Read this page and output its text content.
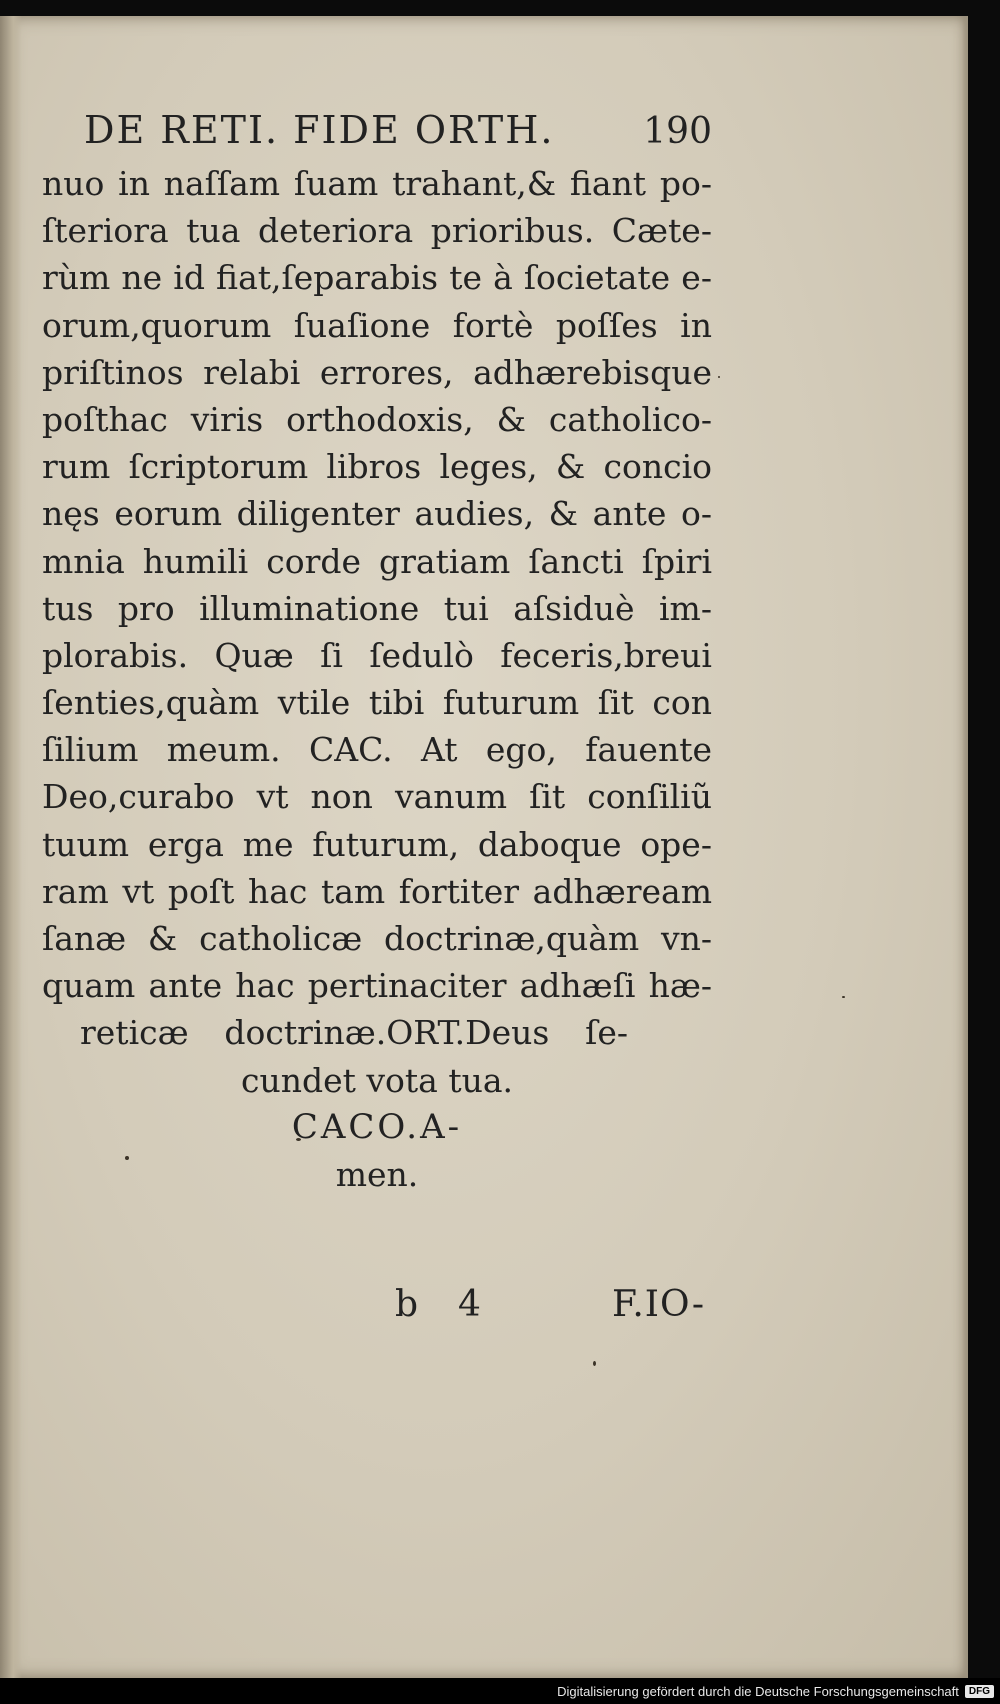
DE RETI. FIDE ORTH. 190
nuo in naſſam ſuam trahant,& fiant po-
ſteriora tua deteriora prioribus. Cæte-
rùm ne id fiat,ſeparabis te à ſocietate e-
orum,quorum ſuaſione fortè poſſes in
priſtinos relabi errores, adhærebisque
poſthac viris orthodoxis, & catholico-
rum ſcriptorum libros leges, & concio
nęs eorum diligenter audies, & ante o-
mnia humili corde gratiam ſancti ſpiri
tus pro illuminatione tui aſsiduè im-
plorabis. Quæ ſi ſedulò feceris,breui
ſenties,quàm vtile tibi futurum ſit con
ſilium meum. CAC. At ego, fauente
Deo,curabo vt non vanum ſit conſiliũ
tuum erga me futurum, daboque ope-
ram vt poſt hac tam fortiter adhæream
ſanæ & catholicæ doctrinæ,quàm vn-
quam ante hac pertinaciter adhæſi hæ-
reticæ doctrinæ.ORT.Deus ſe-
cundet vota tua.
CACO.A-
men.
b 4	F.IO-
Digitalisierung gefördert durch die Deutsche Forschungsgemeinschaft	DFG
